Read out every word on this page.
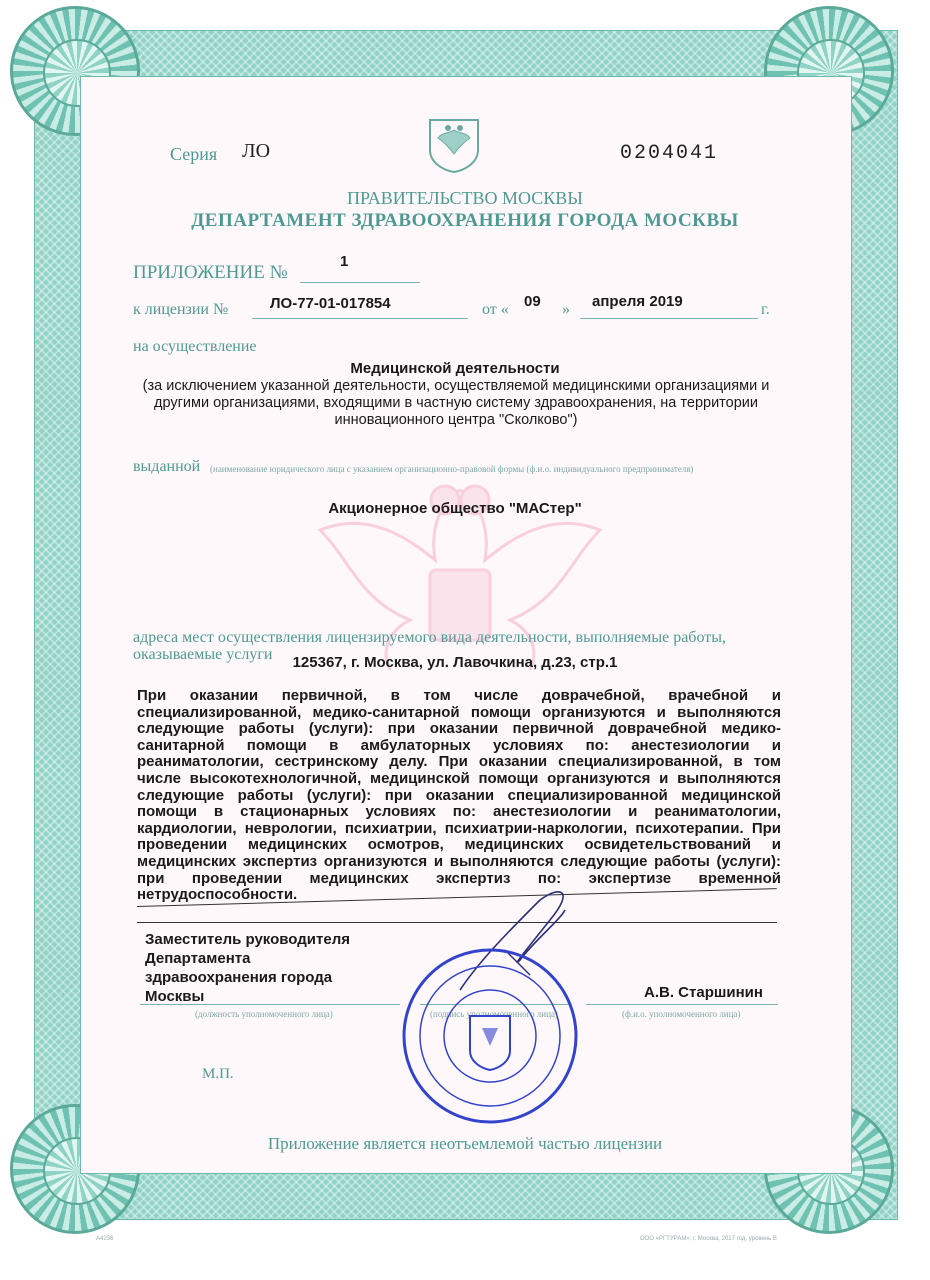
Серия ЛО	0204041
ПРАВИТЕЛЬСТВО МОСКВЫ
ДЕПАРТАМЕНТ ЗДРАВООХРАНЕНИЯ ГОРОДА МОСКВЫ
ПРИЛОЖЕНИЕ №
1
к лицензии №	ЛО-77-01-017854	от « 09 » апреля 2019	г.
на осуществление
Медицинской деятельности
(за исключением указанной деятельности, осуществляемой медицинскими организациями и другими организациями, входящими в частную систему здравоохранения, на территории инновационного центра "Сколково")
выданной (наименование юридического лица с указанием организационно-правовой формы (ф.и.о. индивидуального предпринимателя)
Акционерное общество "МАСтер"
адреса мест осуществления лицензируемого вида деятельности, выполняемые работы, оказываемые услуги	125367, г. Москва, ул. Лавочкина, д.23, стр.1
При оказании первичной, в том числе доврачебной, врачебной и специализированной, медико-санитарной помощи организуются и выполняются следующие работы (услуги): при оказании первичной доврачебной медико-санитарной помощи в амбулаторных условиях по: анестезиологии и реаниматологии, сестринскому делу. При оказании специализированной, в том числе высокотехнологичной, медицинской помощи организуются и выполняются следующие работы (услуги): при оказании специализированной медицинской помощи в стационарных условиях по: анестезиологии и реаниматологии, кардиологии, неврологии, психиатрии, психиатрии-наркологии, психотерапии. При проведении медицинских осмотров, медицинских освидетельствований и медицинских экспертиз организуются и выполняются следующие работы (услуги): при проведении медицинских экспертиз по: экспертизе временной нетрудоспособности.
Заместитель руководителя
Департамента
здравоохранения города
Москвы	А.В. Старшинин
(должность уполномоченного лица)	(подпись уполномоченного лица)	(ф.и.о. уполномоченного лица)
М.П.
Приложение является неотъемлемой частью лицензии
А4236	ООО «РГТУРАМ», г. Москва, 2017 год, уровень В
